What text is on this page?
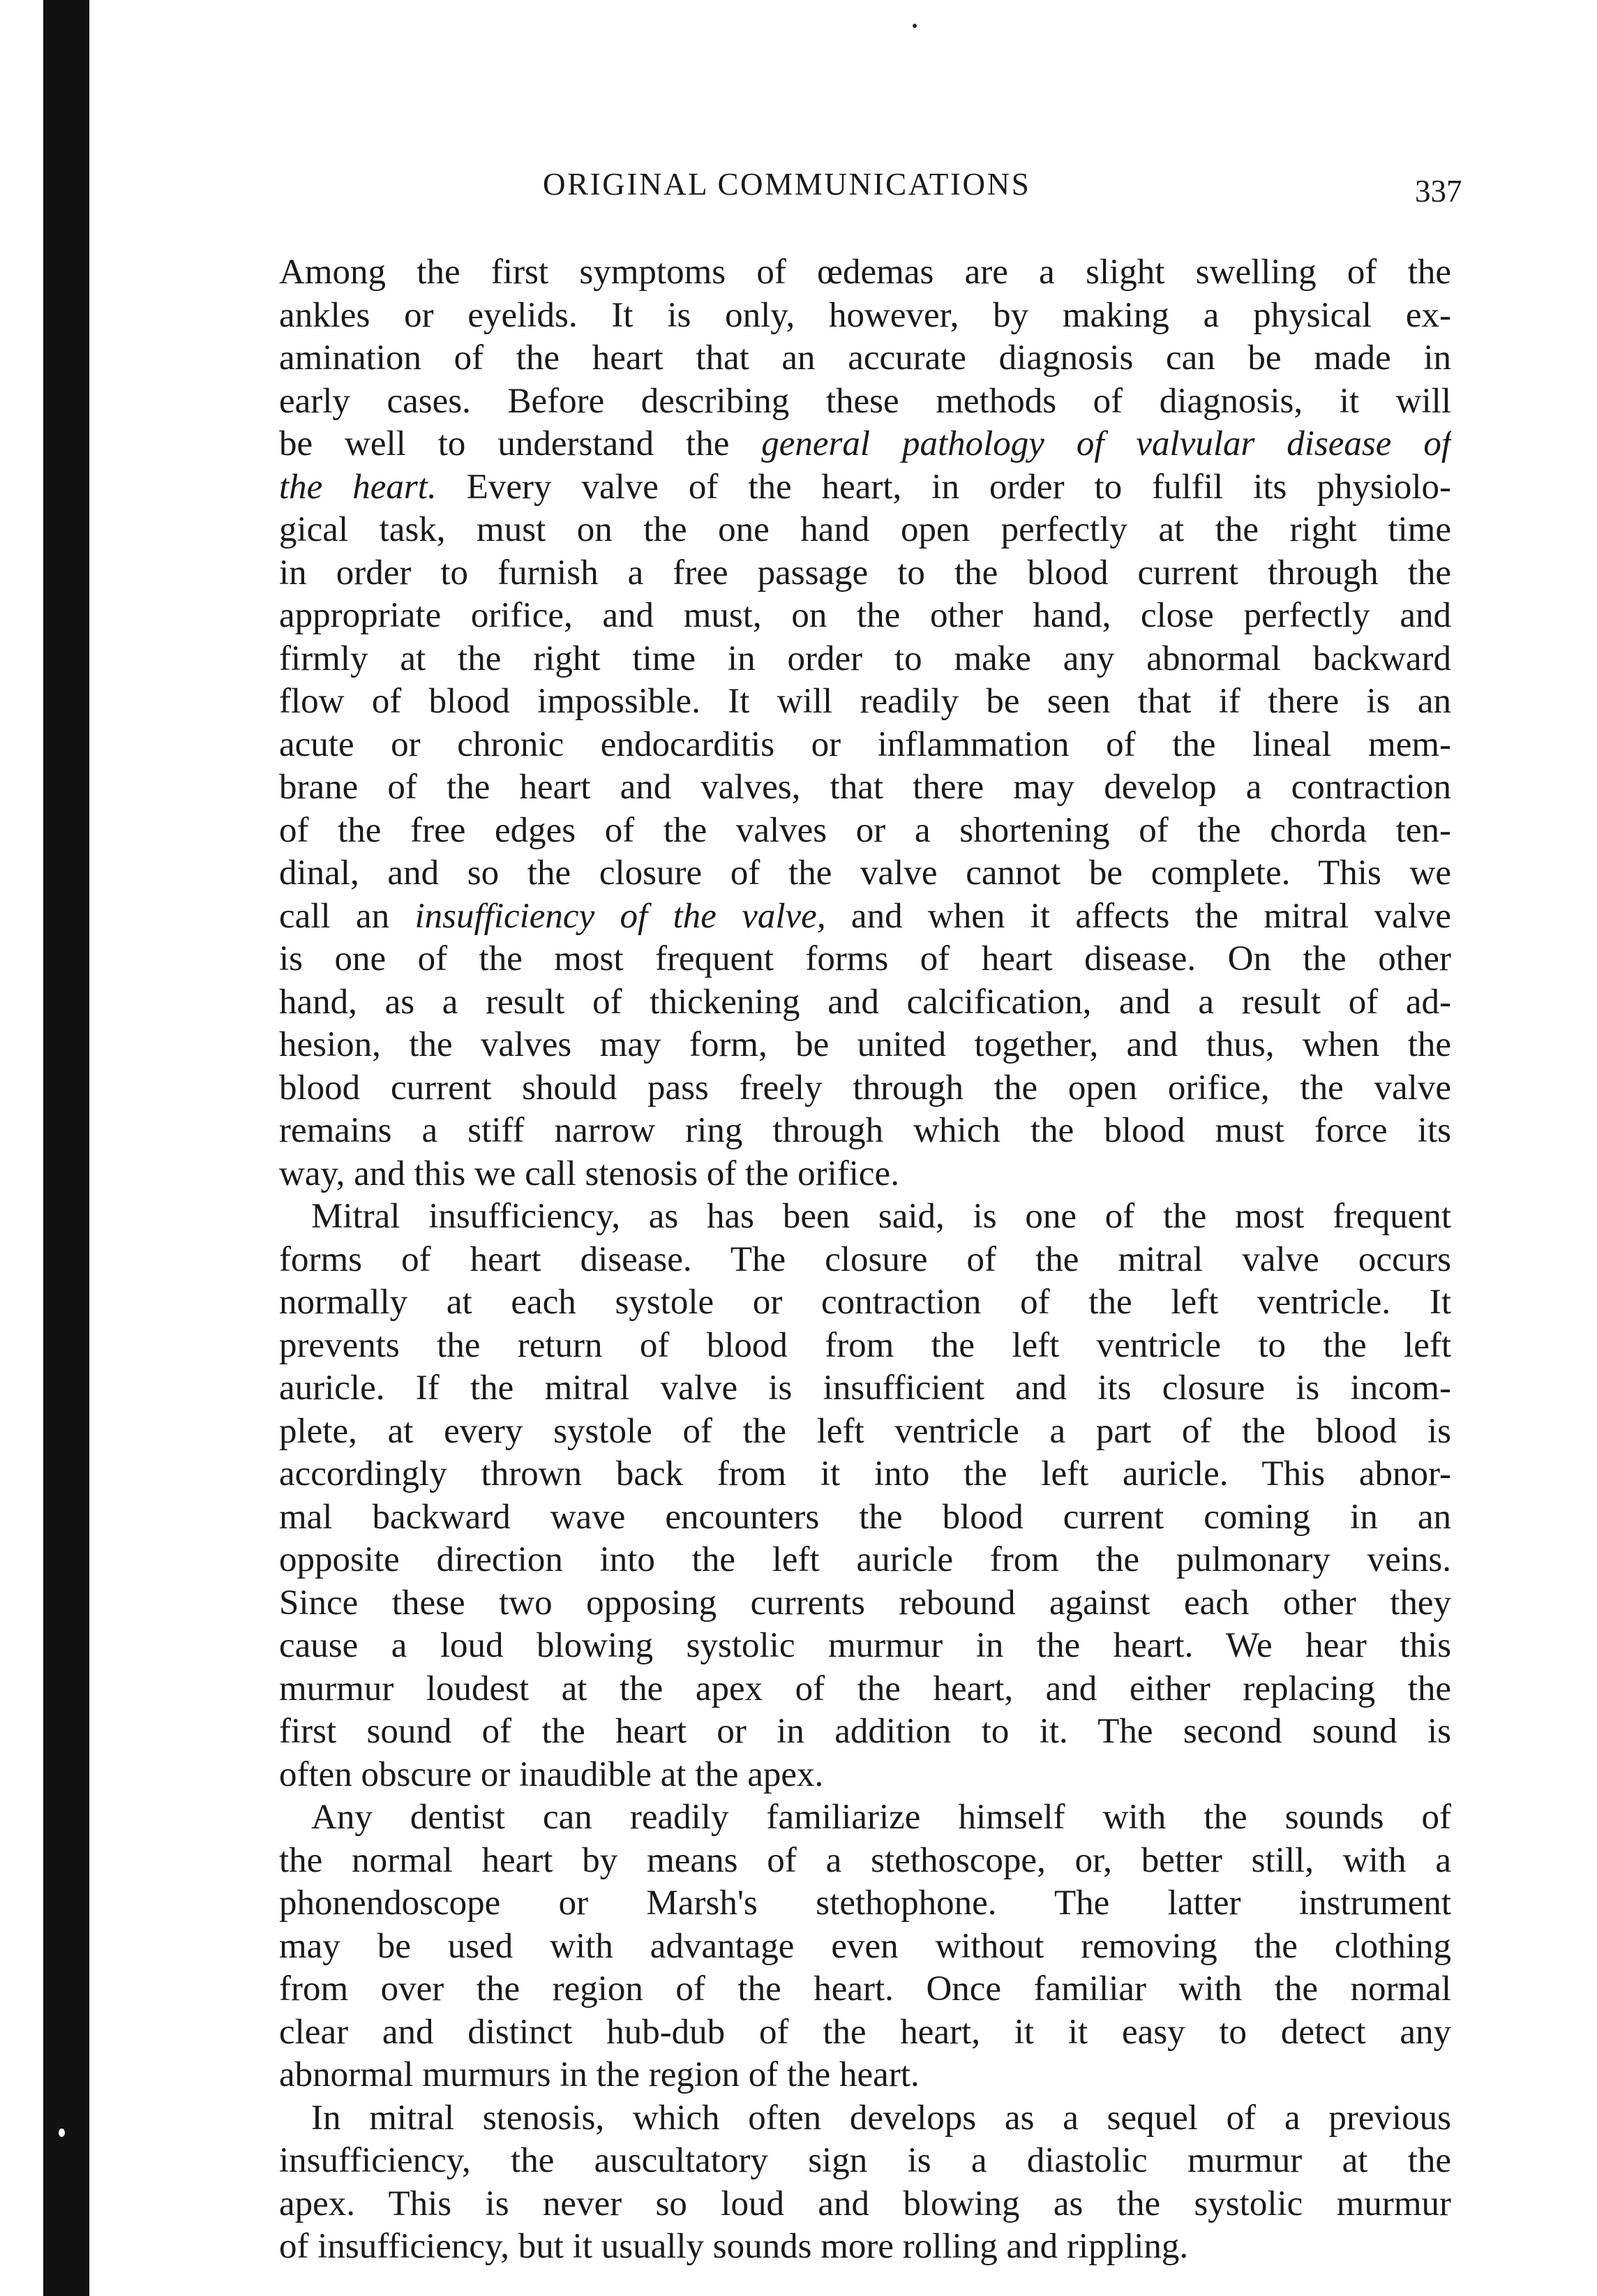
ORIGINAL COMMUNICATIONS	337
Among the first symptoms of œdemas are a slight swelling of the
ankles or eyelids. It is only, however, by making a physical ex-
amination of the heart that an accurate diagnosis can be made in
early cases. Before describing these methods of diagnosis, it will
be well to understand the general pathology of valvular disease of
the heart. Every valve of the heart, in order to fulfil its physiolo-
gical task, must on the one hand open perfectly at the right time
in order to furnish a free passage to the blood current through the
appropriate orifice, and must, on the other hand, close perfectly and
firmly at the right time in order to make any abnormal backward
flow of blood impossible. It will readily be seen that if there is an
acute or chronic endocarditis or inflammation of the lineal mem-
brane of the heart and valves, that there may develop a contraction
of the free edges of the valves or a shortening of the chorda ten-
dinal, and so the closure of the valve cannot be complete. This we
call an insufficiency of the valve, and when it affects the mitral valve
is one of the most frequent forms of heart disease. On the other
hand, as a result of thickening and calcification, and a result of ad-
hesion, the valves may form, be united together, and thus, when the
blood current should pass freely through the open orifice, the valve
remains a stiff narrow ring through which the blood must force its
way, and this we call stenosis of the orifice.
Mitral insufficiency, as has been said, is one of the most frequent
forms of heart disease. The closure of the mitral valve occurs
normally at each systole or contraction of the left ventricle. It
prevents the return of blood from the left ventricle to the left
auricle. If the mitral valve is insufficient and its closure is incom-
plete, at every systole of the left ventricle a part of the blood is
accordingly thrown back from it into the left auricle. This abnor-
mal backward wave encounters the blood current coming in an
opposite direction into the left auricle from the pulmonary veins.
Since these two opposing currents rebound against each other they
cause a loud blowing systolic murmur in the heart. We hear this
murmur loudest at the apex of the heart, and either replacing the
first sound of the heart or in addition to it. The second sound is
often obscure or inaudible at the apex.
Any dentist can readily familiarize himself with the sounds of
the normal heart by means of a stethoscope, or, better still, with a
phonendoscope or Marsh's stethophone. The latter instrument
may be used with advantage even without removing the clothing
from over the region of the heart. Once familiar with the normal
clear and distinct hub-dub of the heart, it it easy to detect any
abnormal murmurs in the region of the heart.
In mitral stenosis, which often develops as a sequel of a previous
insufficiency, the auscultatory sign is a diastolic murmur at the
apex. This is never so loud and blowing as the systolic murmur
of insufficiency, but it usually sounds more rolling and rippling.
